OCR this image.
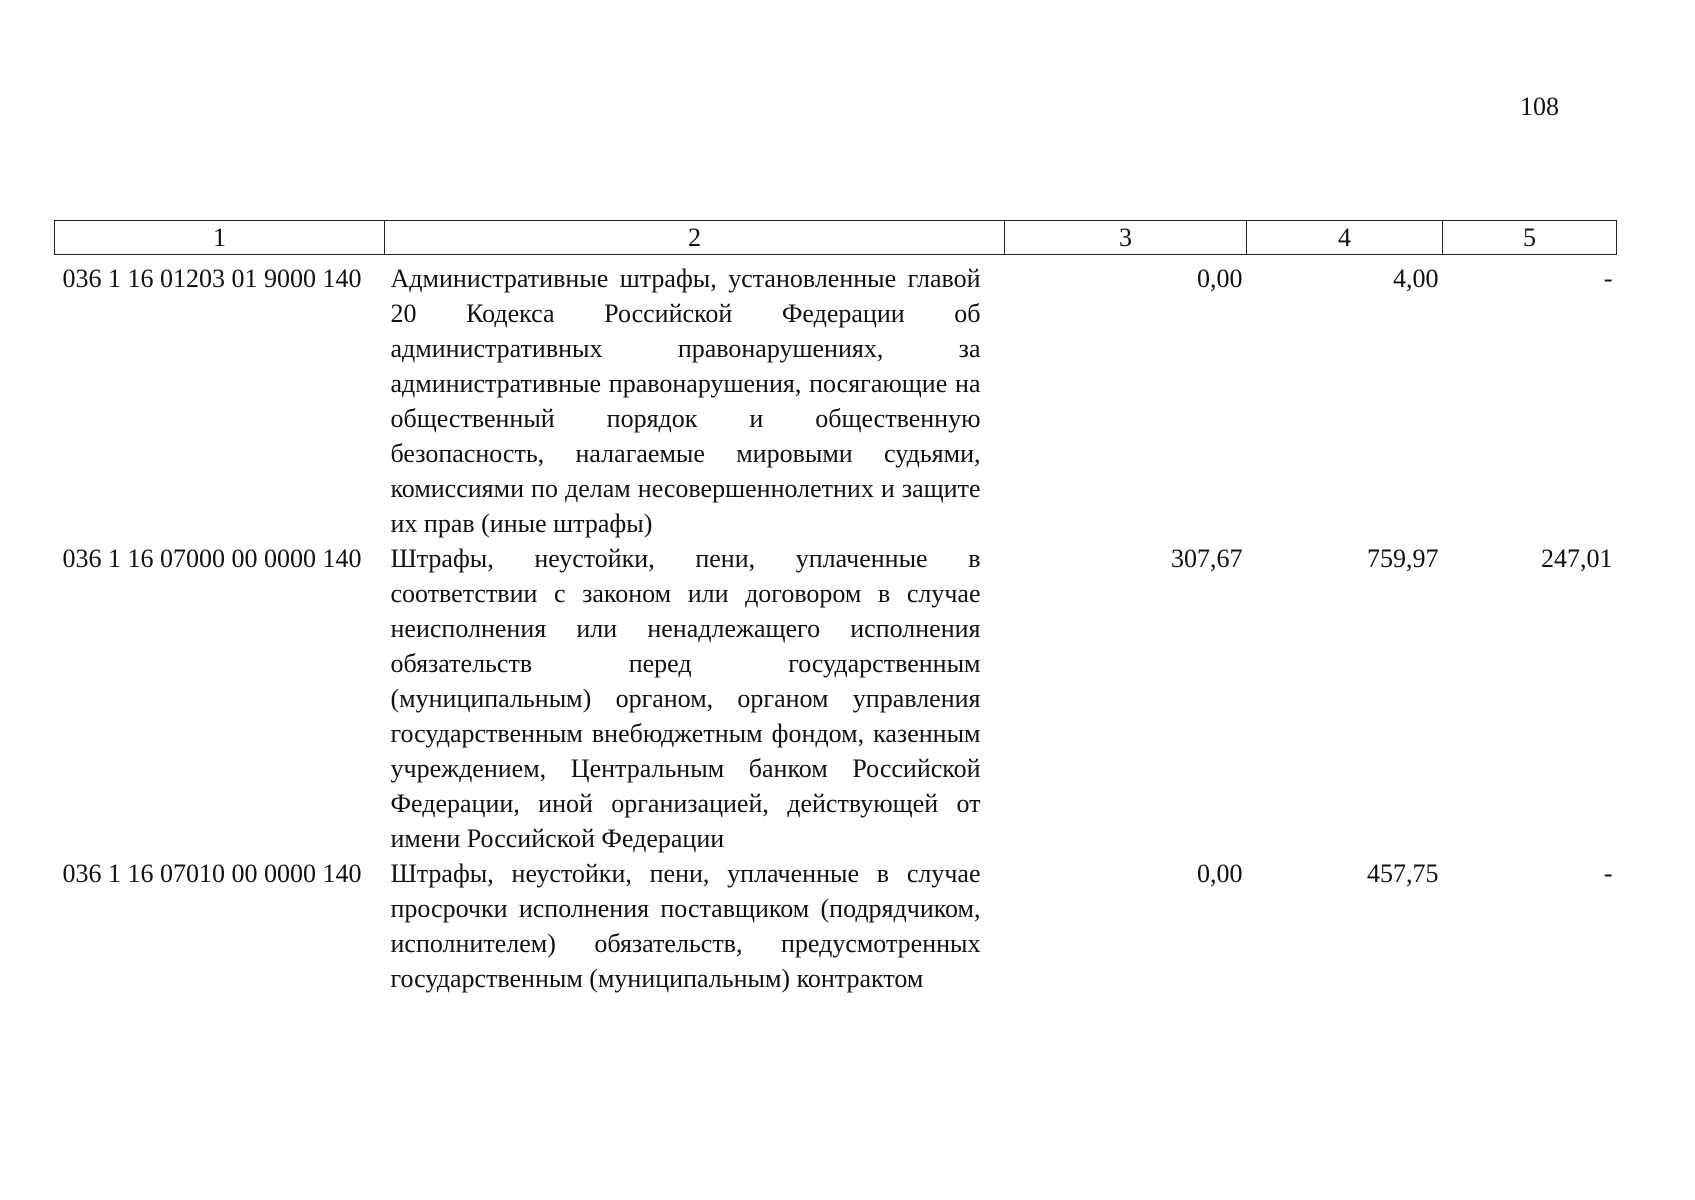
108
1	2	3	4	5
036 1 16 01203 01 9000 140	Административные штрафы, установленные главой 20 Кодекса Российской Федерации об административных правонарушениях, за административные правонарушения, посягающие на общественный порядок и общественную безопасность, налагаемые мировыми судьями, комиссиями по делам несовершеннолетних и защите их прав (иные штрафы)	0,00	4,00	-
036 1 16 07000 00 0000 140	Штрафы, неустойки, пени, уплаченные в соответствии с законом или договором в случае неисполнения или ненадлежащего исполнения обязательств перед государственным (муниципальным) органом, органом управления государственным внебюджетным фондом, казенным учреждением, Центральным банком Российской Федерации, иной организацией, действующей от имени Российской Федерации	307,67	759,97	247,01
036 1 16 07010 00 0000 140	Штрафы, неустойки, пени, уплаченные в случае просрочки исполнения поставщиком (подрядчиком, исполнителем) обязательств, предусмотренных государственным (муниципальным) контрактом	0,00	457,75	-
